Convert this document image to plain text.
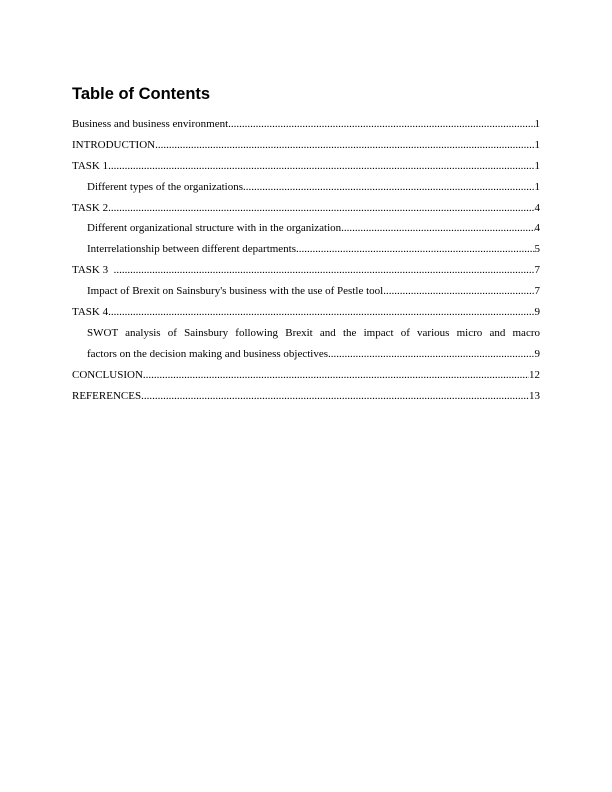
Table of Contents
Business and business environment .....	1
INTRODUCTION .....	1
TASK 1 .....	1
Different types of the organizations .....	1
TASK 2 .....	4
Different organizational structure with in the organization .....	4
Interrelationship between different departments .....	5
TASK 3 .....	7
Impact of Brexit on Sainsbury's business with the use of Pestle tool .....	7
TASK 4 .....	9
SWOT analysis of Sainsbury following Brexit and the impact of various micro and macro
factors on the decision making and business objectives .....	9
CONCLUSION .....	12
REFERENCES .....	13
